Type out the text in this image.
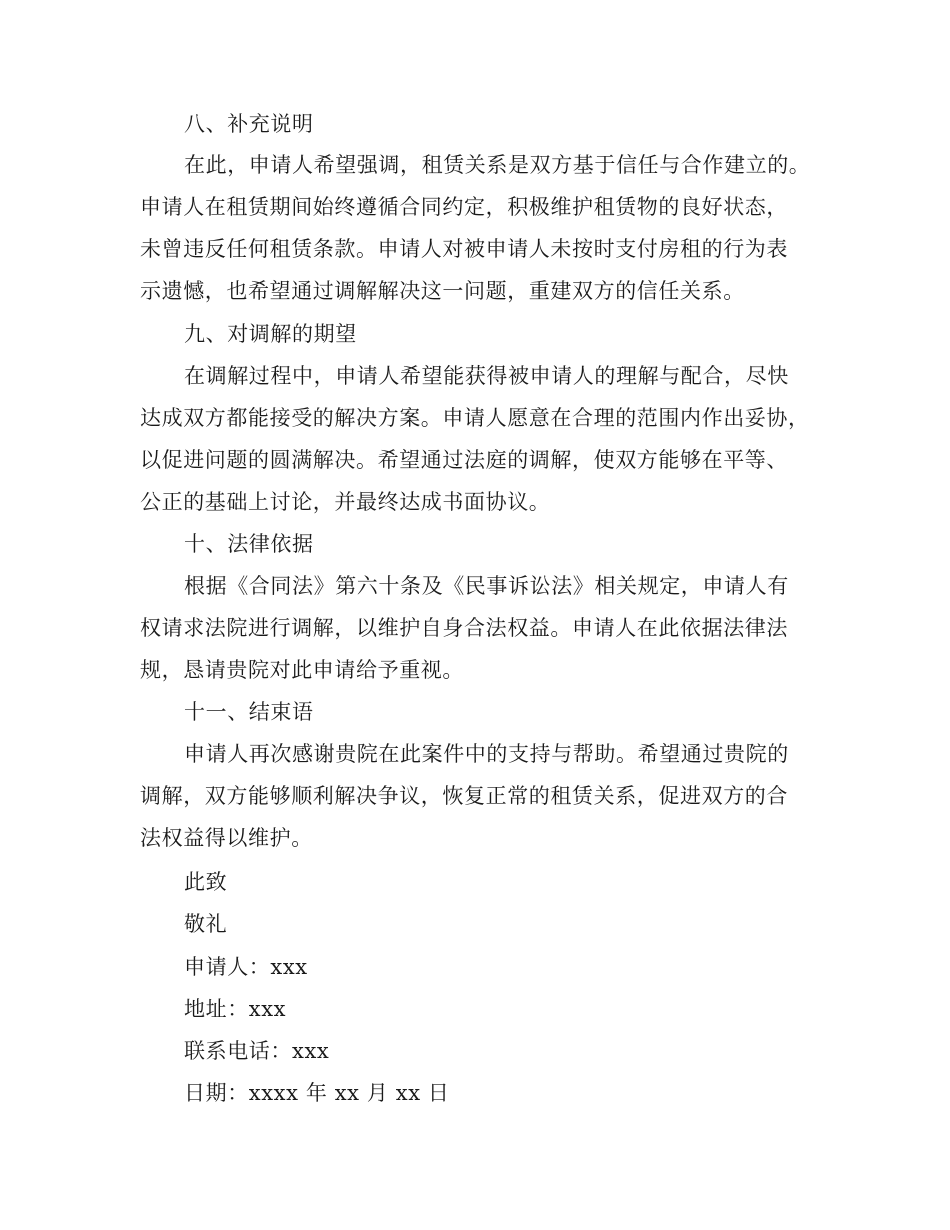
八、补充说明
在此，申请人希望强调，租赁关系是双方基于信任与合作建立的。
申请人在租赁期间始终遵循合同约定，积极维护租赁物的良好状态，
未曾违反任何租赁条款。申请人对被申请人未按时支付房租的行为表
示遗憾，也希望通过调解解决这一问题，重建双方的信任关系。
九、对调解的期望
在调解过程中，申请人希望能获得被申请人的理解与配合，尽快
达成双方都能接受的解决方案。申请人愿意在合理的范围内作出妥协，
以促进问题的圆满解决。希望通过法庭的调解，使双方能够在平等、
公正的基础上讨论，并最终达成书面协议。
十、法律依据
根据《合同法》第六十条及《民事诉讼法》相关规定，申请人有
权请求法院进行调解，以维护自身合法权益。申请人在此依据法律法
规，恳请贵院对此申请给予重视。
十一、结束语
申请人再次感谢贵院在此案件中的支持与帮助。希望通过贵院的
调解，双方能够顺利解决争议，恢复正常的租赁关系，促进双方的合
法权益得以维护。
此致
敬礼
申请人：xxx
地址：xxx
联系电话：xxx
日期：xxxx 年 xx 月 xx 日
